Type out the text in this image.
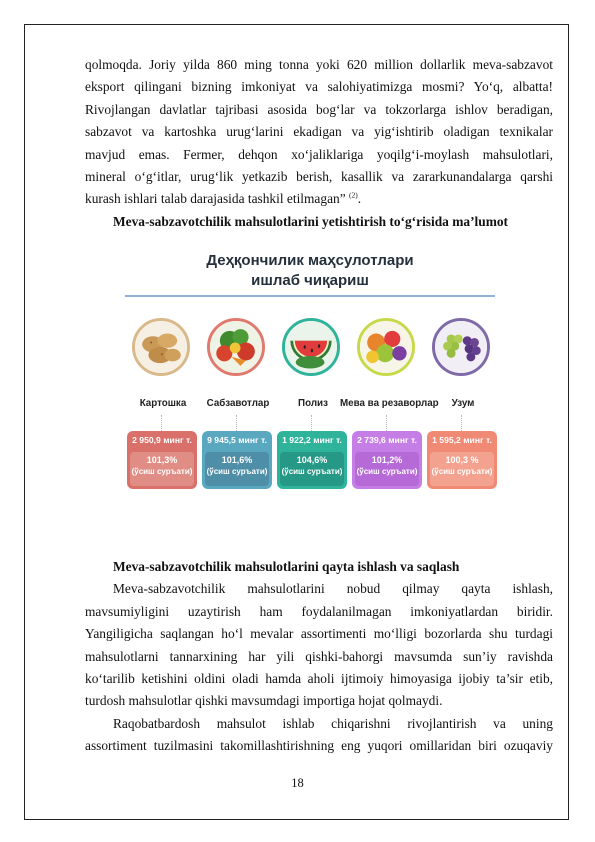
qolmoqda. Joriy yilda 860 ming tonna yoki 620 million dollarlik meva-sabzavot
eksport qilingani bizning imkoniyat va salohiyatimizga mosmi? Yo‘q, albatta!
Rivojlangan davlatlar tajribasi asosida bog‘lar va tokzorlarga ishlov beradigan,
sabzavot va kartoshka urug‘larini ekadigan va yig‘ishtirib oladigan texnikalar
mavjud emas. Fermer, dehqon xo‘jaliklariga yoqilg‘i-moylash mahsulotlari,
mineral o‘g‘itlar, urug‘lik yetkazib berish, kasallik va zararkunandalarga qarshi
kurash ishlari talab darajasida tashkil etilmagan” $^{(2)}$.
Meva-sabzavotchilik mahsulotlarini yetishtirish to‘g‘risida ma’lumot
Деҳқончилик маҳсулотлари
ишлаб чиқариш
Картошка
2 950,9 минг т.
101,3%
(ўсиш суръати)
Сабзавотлар
9 945,5 минг т.
101,6%
(ўсиш суръати)
Полиз
1 922,2 минг т.
104,6%
(ўсиш суръати)
Мева ва резаворлар
2 739,6 минг т.
101,2%
(ўсиш суръати)
Узум
1 595,2 минг т.
100,3 %
(ўсиш суръати)
Meva-sabzavotchilik mahsulotlarini qayta ishlash va saqlash
Meva-sabzavotchilik mahsulotlarini nobud qilmay qayta ishlash,
mavsumiyligini uzaytirish ham foydalanilmagan imkoniyatlardan biridir.
Yangiligicha saqlangan ho‘l mevalar assortimenti mo‘lligi bozorlarda shu turdagi
mahsulotlarni tannarxining har yili qishki-bahorgi mavsumda sun’iy ravishda
ko‘tarilib ketishini oldini oladi hamda aholi ijtimoiy himoyasiga ijobiy ta’sir etib,
turdosh mahsulotlar qishki mavsumdagi importiga hojat qolmaydi.
Raqobatbardosh mahsulot ishlab chiqarishni rivojlantirish va uning
assortiment tuzilmasini takomillashtirishning eng yuqori omillaridan biri ozuqaviy
18
